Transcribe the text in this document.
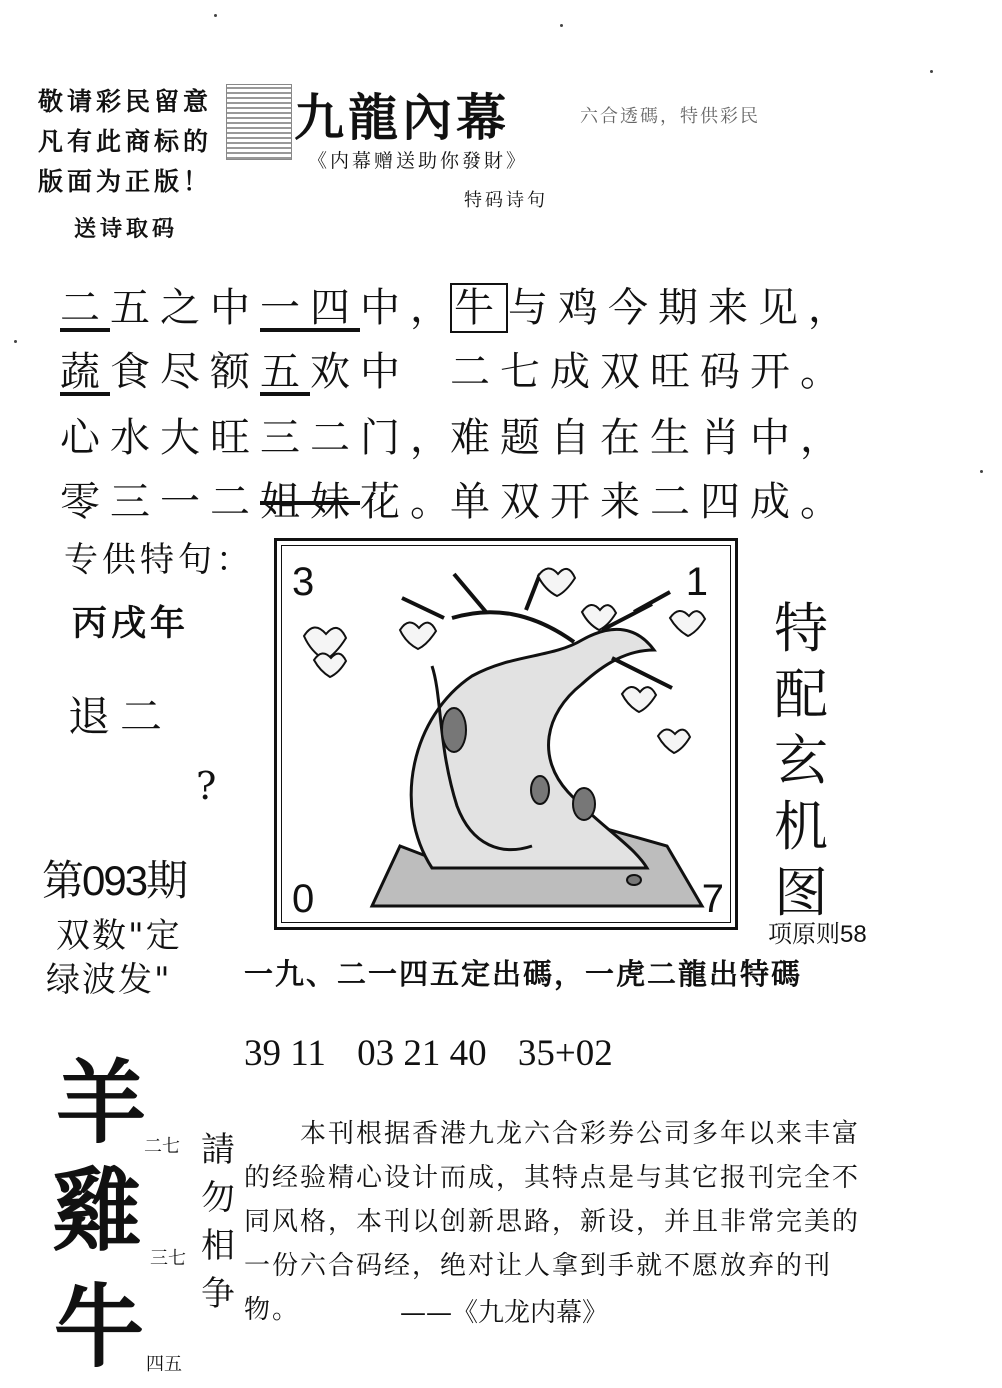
敬请彩民留意
凡有此商标的
版面为正版！
九龍內幕	六合透碼，特供彩民
《内幕赠送助你發財》
特码诗句
送诗取码
二五之中一四中，
蔬食尽额五欢中
心水大旺三二门，
零三一二姐妹花。
牛 与鸡今期来见，
二七成双旺码开。
难题自在生肖中，
单双开来二四成。
专供特句：
丙戌年
退二
?
第093期
双数"定
绿波发"
3	1
0	7
特配玄机图
项原则58
一九、二一四五定出碼，一虎二龍出特碼
39 11 03 21 40 35+02
羊
雞
牛
二七
三七
四五
請
勿
相
争
本刊根据香港九龙六合彩券公司多年以来丰富的经验精心设计而成，其特点是与其它报刊完全不同风格，本刊以创新思路，新设，并且非常完美的一份六合码经，绝对让人拿到手就不愿放弃的刊物。	——《九龙内幕》
